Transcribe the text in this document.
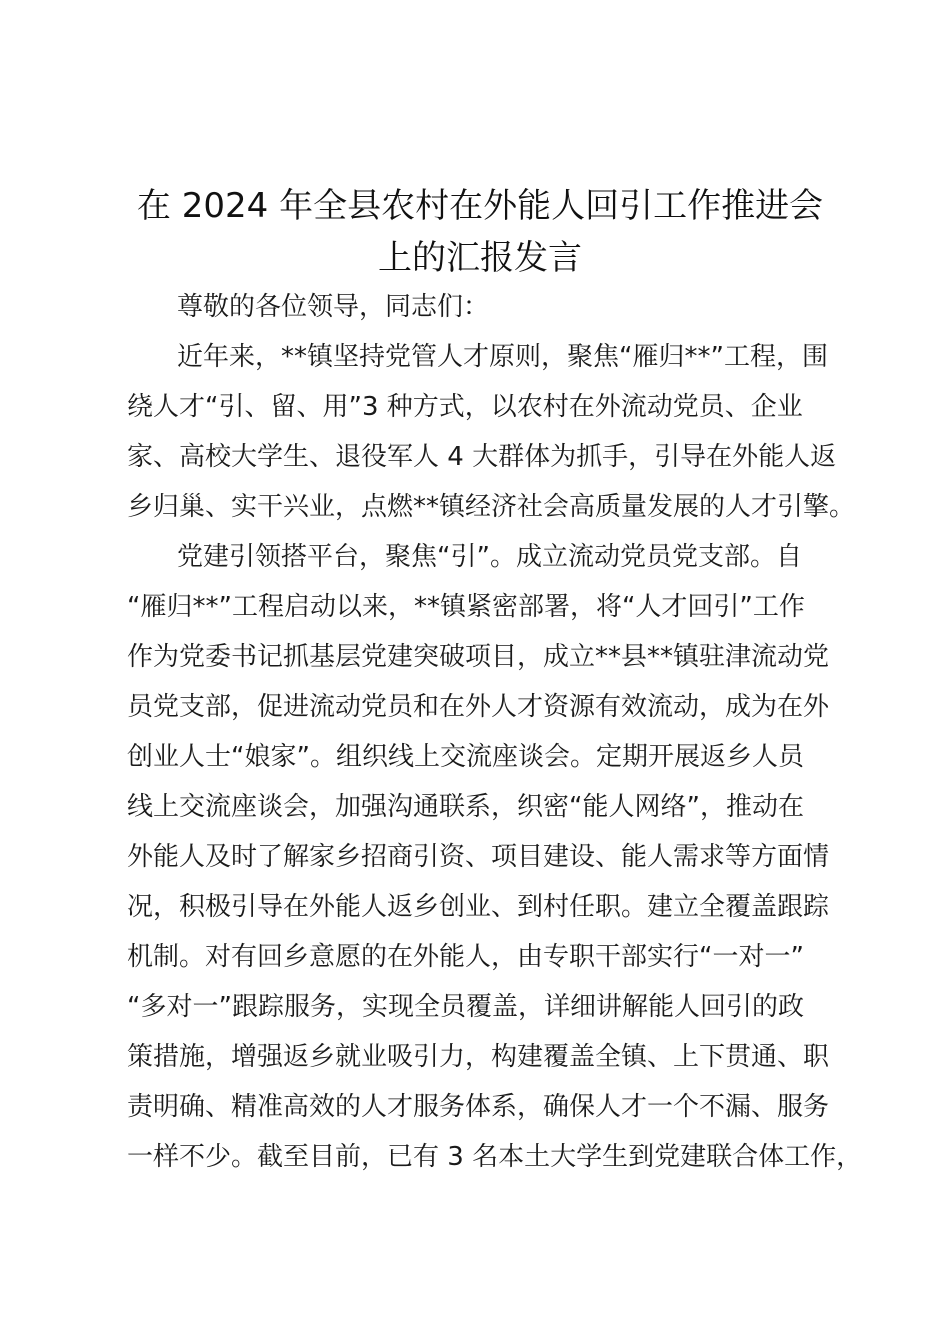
在 2024 年全县农村在外能人回引工作推进会
上的汇报发言
尊敬的各位领导，同志们：
近年来，**镇坚持党管人才原则，聚焦“雁归**”工程，围
绕人才“引、留、用”3 种方式，以农村在外流动党员、企业
家、高校大学生、退役军人 4 大群体为抓手，引导在外能人返
乡归巢、实干兴业，点燃**镇经济社会高质量发展的人才引擎。
党建引领搭平台，聚焦“引”。成立流动党员党支部。自
“雁归**”工程启动以来，**镇紧密部署，将“人才回引”工作
作为党委书记抓基层党建突破项目，成立**县**镇驻津流动党
员党支部，促进流动党员和在外人才资源有效流动，成为在外
创业人士“娘家”。组织线上交流座谈会。定期开展返乡人员
线上交流座谈会，加强沟通联系，织密“能人网络”，推动在
外能人及时了解家乡招商引资、项目建设、能人需求等方面情
况，积极引导在外能人返乡创业、到村任职。建立全覆盖跟踪
机制。对有回乡意愿的在外能人，由专职干部实行“一对一”
“多对一”跟踪服务，实现全员覆盖，详细讲解能人回引的政
策措施，增强返乡就业吸引力，构建覆盖全镇、上下贯通、职
责明确、精准高效的人才服务体系，确保人才一个不漏、服务
一样不少。截至目前，已有 3 名本土大学生到党建联合体工作，
